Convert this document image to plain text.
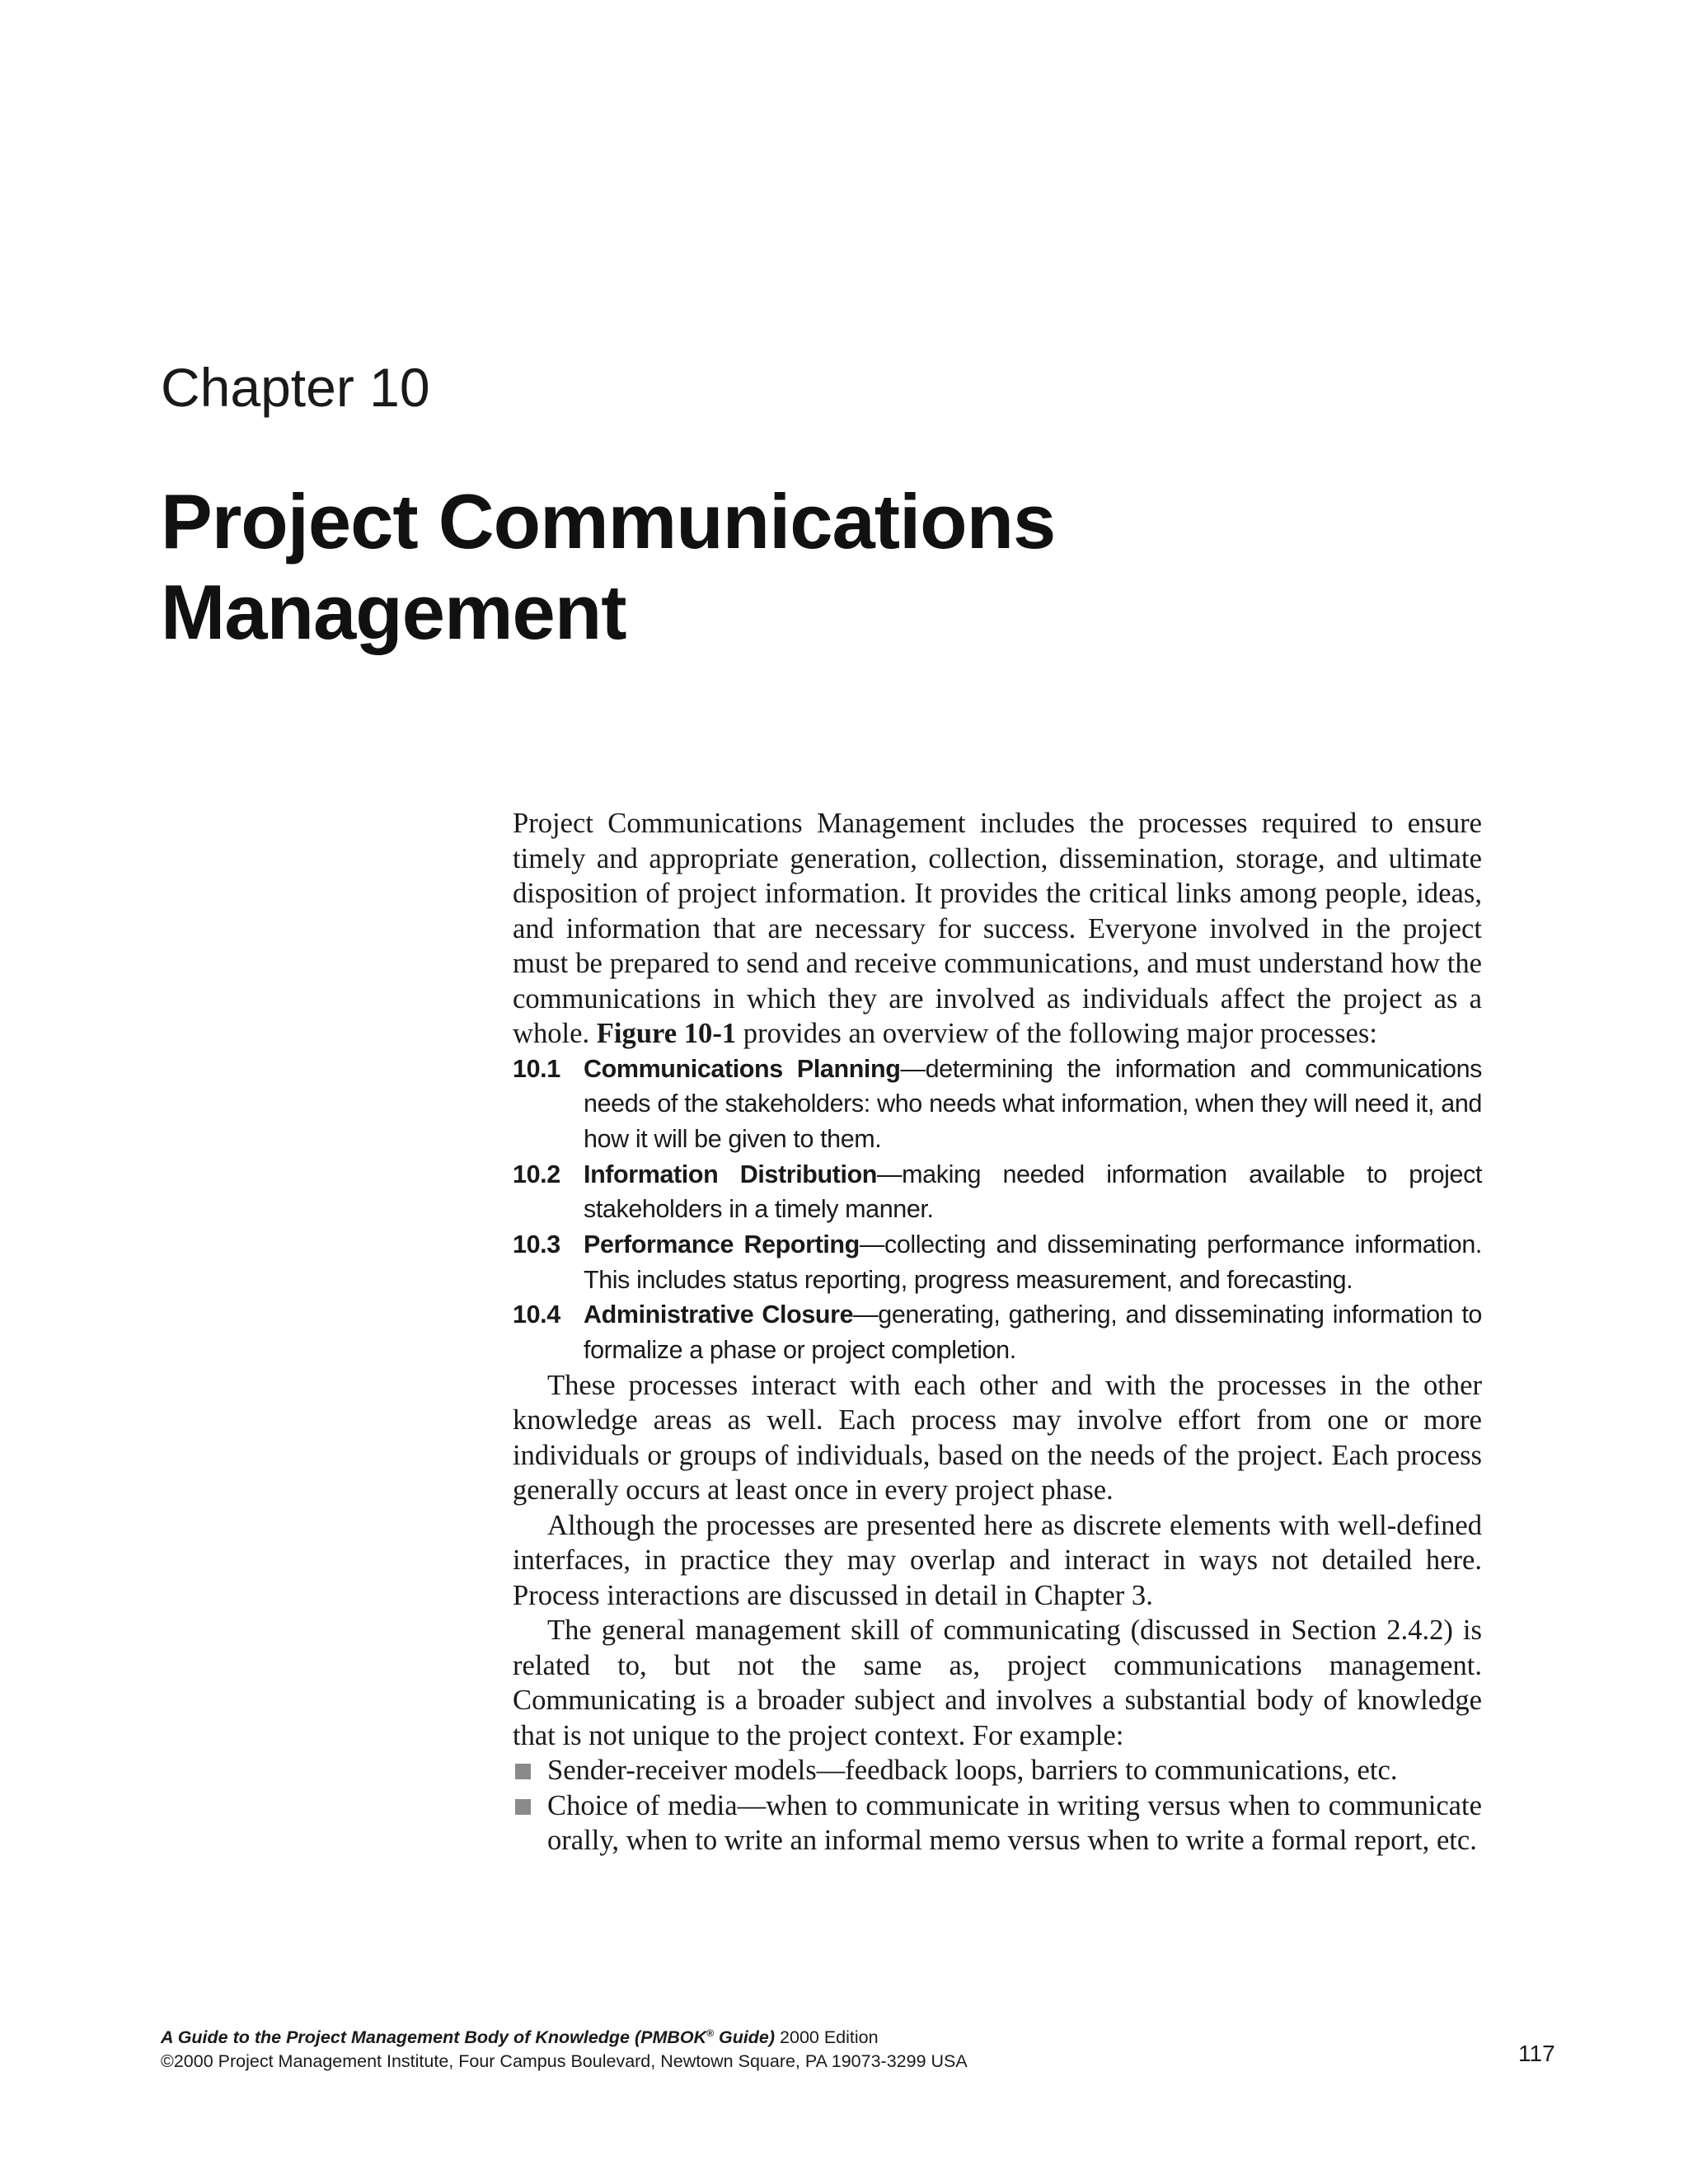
Chapter 10
Project Communications
Management

Project Communications Management includes the processes required to ensure timely and appropriate generation, collection, dissemination, storage, and ultimate disposition of project information. It provides the critical links among people, ideas, and information that are necessary for success. Everyone involved in the project must be prepared to send and receive communications, and must understand how the communications in which they are involved as individuals affect the project as a whole. Figure 10-1 provides an overview of the following major processes:

10.1 Communications Planning—determining the information and communications needs of the stakeholders: who needs what information, when they will need it, and how it will be given to them.
10.2 Information Distribution—making needed information available to project stakeholders in a timely manner.
10.3 Performance Reporting—collecting and disseminating performance information. This includes status reporting, progress measurement, and forecasting.
10.4 Administrative Closure—generating, gathering, and disseminating information to formalize a phase or project completion.

These processes interact with each other and with the processes in the other knowledge areas as well. Each process may involve effort from one or more individuals or groups of individuals, based on the needs of the project. Each process generally occurs at least once in every project phase.

Although the processes are presented here as discrete elements with well-defined interfaces, in practice they may overlap and interact in ways not detailed here. Process interactions are discussed in detail in Chapter 3.

The general management skill of communicating (discussed in Section 2.4.2) is related to, but not the same as, project communications management. Communicating is a broader subject and involves a substantial body of knowledge that is not unique to the project context. For example:

Sender-receiver models—feedback loops, barriers to communications, etc.
Choice of media—when to communicate in writing versus when to communicate orally, when to write an informal memo versus when to write a formal report, etc.
A Guide to the Project Management Body of Knowledge (PMBOK® Guide) 2000 Edition
©2000 Project Management Institute, Four Campus Boulevard, Newtown Square, PA 19073-3299 USA	117
